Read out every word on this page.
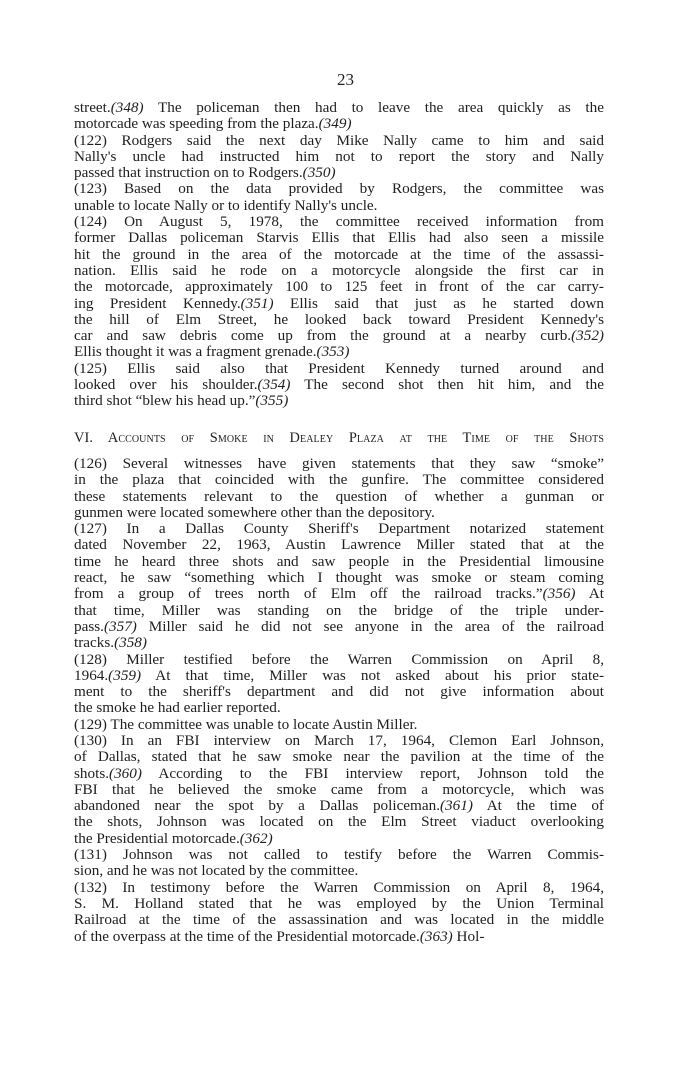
23
street.(348) The policeman then had to leave the area quickly as the
motorcade was speeding from the plaza.(349)
(122) Rodgers said the next day Mike Nally came to him and said
Nally's uncle had instructed him not to report the story and Nally
passed that instruction on to Rodgers.(350)
(123) Based on the data provided by Rodgers, the committee was
unable to locate Nally or to identify Nally's uncle.
(124) On August 5, 1978, the committee received information from
former Dallas policeman Starvis Ellis that Ellis had also seen a missile
hit the ground in the area of the motorcade at the time of the assassi-
nation. Ellis said he rode on a motorcycle alongside the first car in
the motorcade, approximately 100 to 125 feet in front of the car carry-
ing President Kennedy.(351) Ellis said that just as he started down
the hill of Elm Street, he looked back toward President Kennedy's
car and saw debris come up from the ground at a nearby curb.(352)
Ellis thought it was a fragment grenade.(353)
(125) Ellis said also that President Kennedy turned around and
looked over his shoulder.(354) The second shot then hit him, and the
third shot “blew his head up.”(355)
VI. Accounts of Smoke in Dealey Plaza at the Time of the Shots
(126) Several witnesses have given statements that they saw “smoke”
in the plaza that coincided with the gunfire. The committee considered
these statements relevant to the question of whether a gunman or
gunmen were located somewhere other than the depository.
(127) In a Dallas County Sheriff's Department notarized statement
dated November 22, 1963, Austin Lawrence Miller stated that at the
time he heard three shots and saw people in the Presidential limousine
react, he saw “something which I thought was smoke or steam coming
from a group of trees north of Elm off the railroad tracks.”(356) At
that time, Miller was standing on the bridge of the triple under-
pass.(357) Miller said he did not see anyone in the area of the railroad
tracks.(358)
(128) Miller testified before the Warren Commission on April 8,
1964.(359) At that time, Miller was not asked about his prior state-
ment to the sheriff's department and did not give information about
the smoke he had earlier reported.
(129) The committee was unable to locate Austin Miller.
(130) In an FBI interview on March 17, 1964, Clemon Earl Johnson,
of Dallas, stated that he saw smoke near the pavilion at the time of the
shots.(360) According to the FBI interview report, Johnson told the
FBI that he believed the smoke came from a motorcycle, which was
abandoned near the spot by a Dallas policeman.(361) At the time of
the shots, Johnson was located on the Elm Street viaduct overlooking
the Presidential motorcade.(362)
(131) Johnson was not called to testify before the Warren Commis-
sion, and he was not located by the committee.
(132) In testimony before the Warren Commission on April 8, 1964,
S. M. Holland stated that he was employed by the Union Terminal
Railroad at the time of the assassination and was located in the middle
of the overpass at the time of the Presidential motorcade.(363) Hol-
